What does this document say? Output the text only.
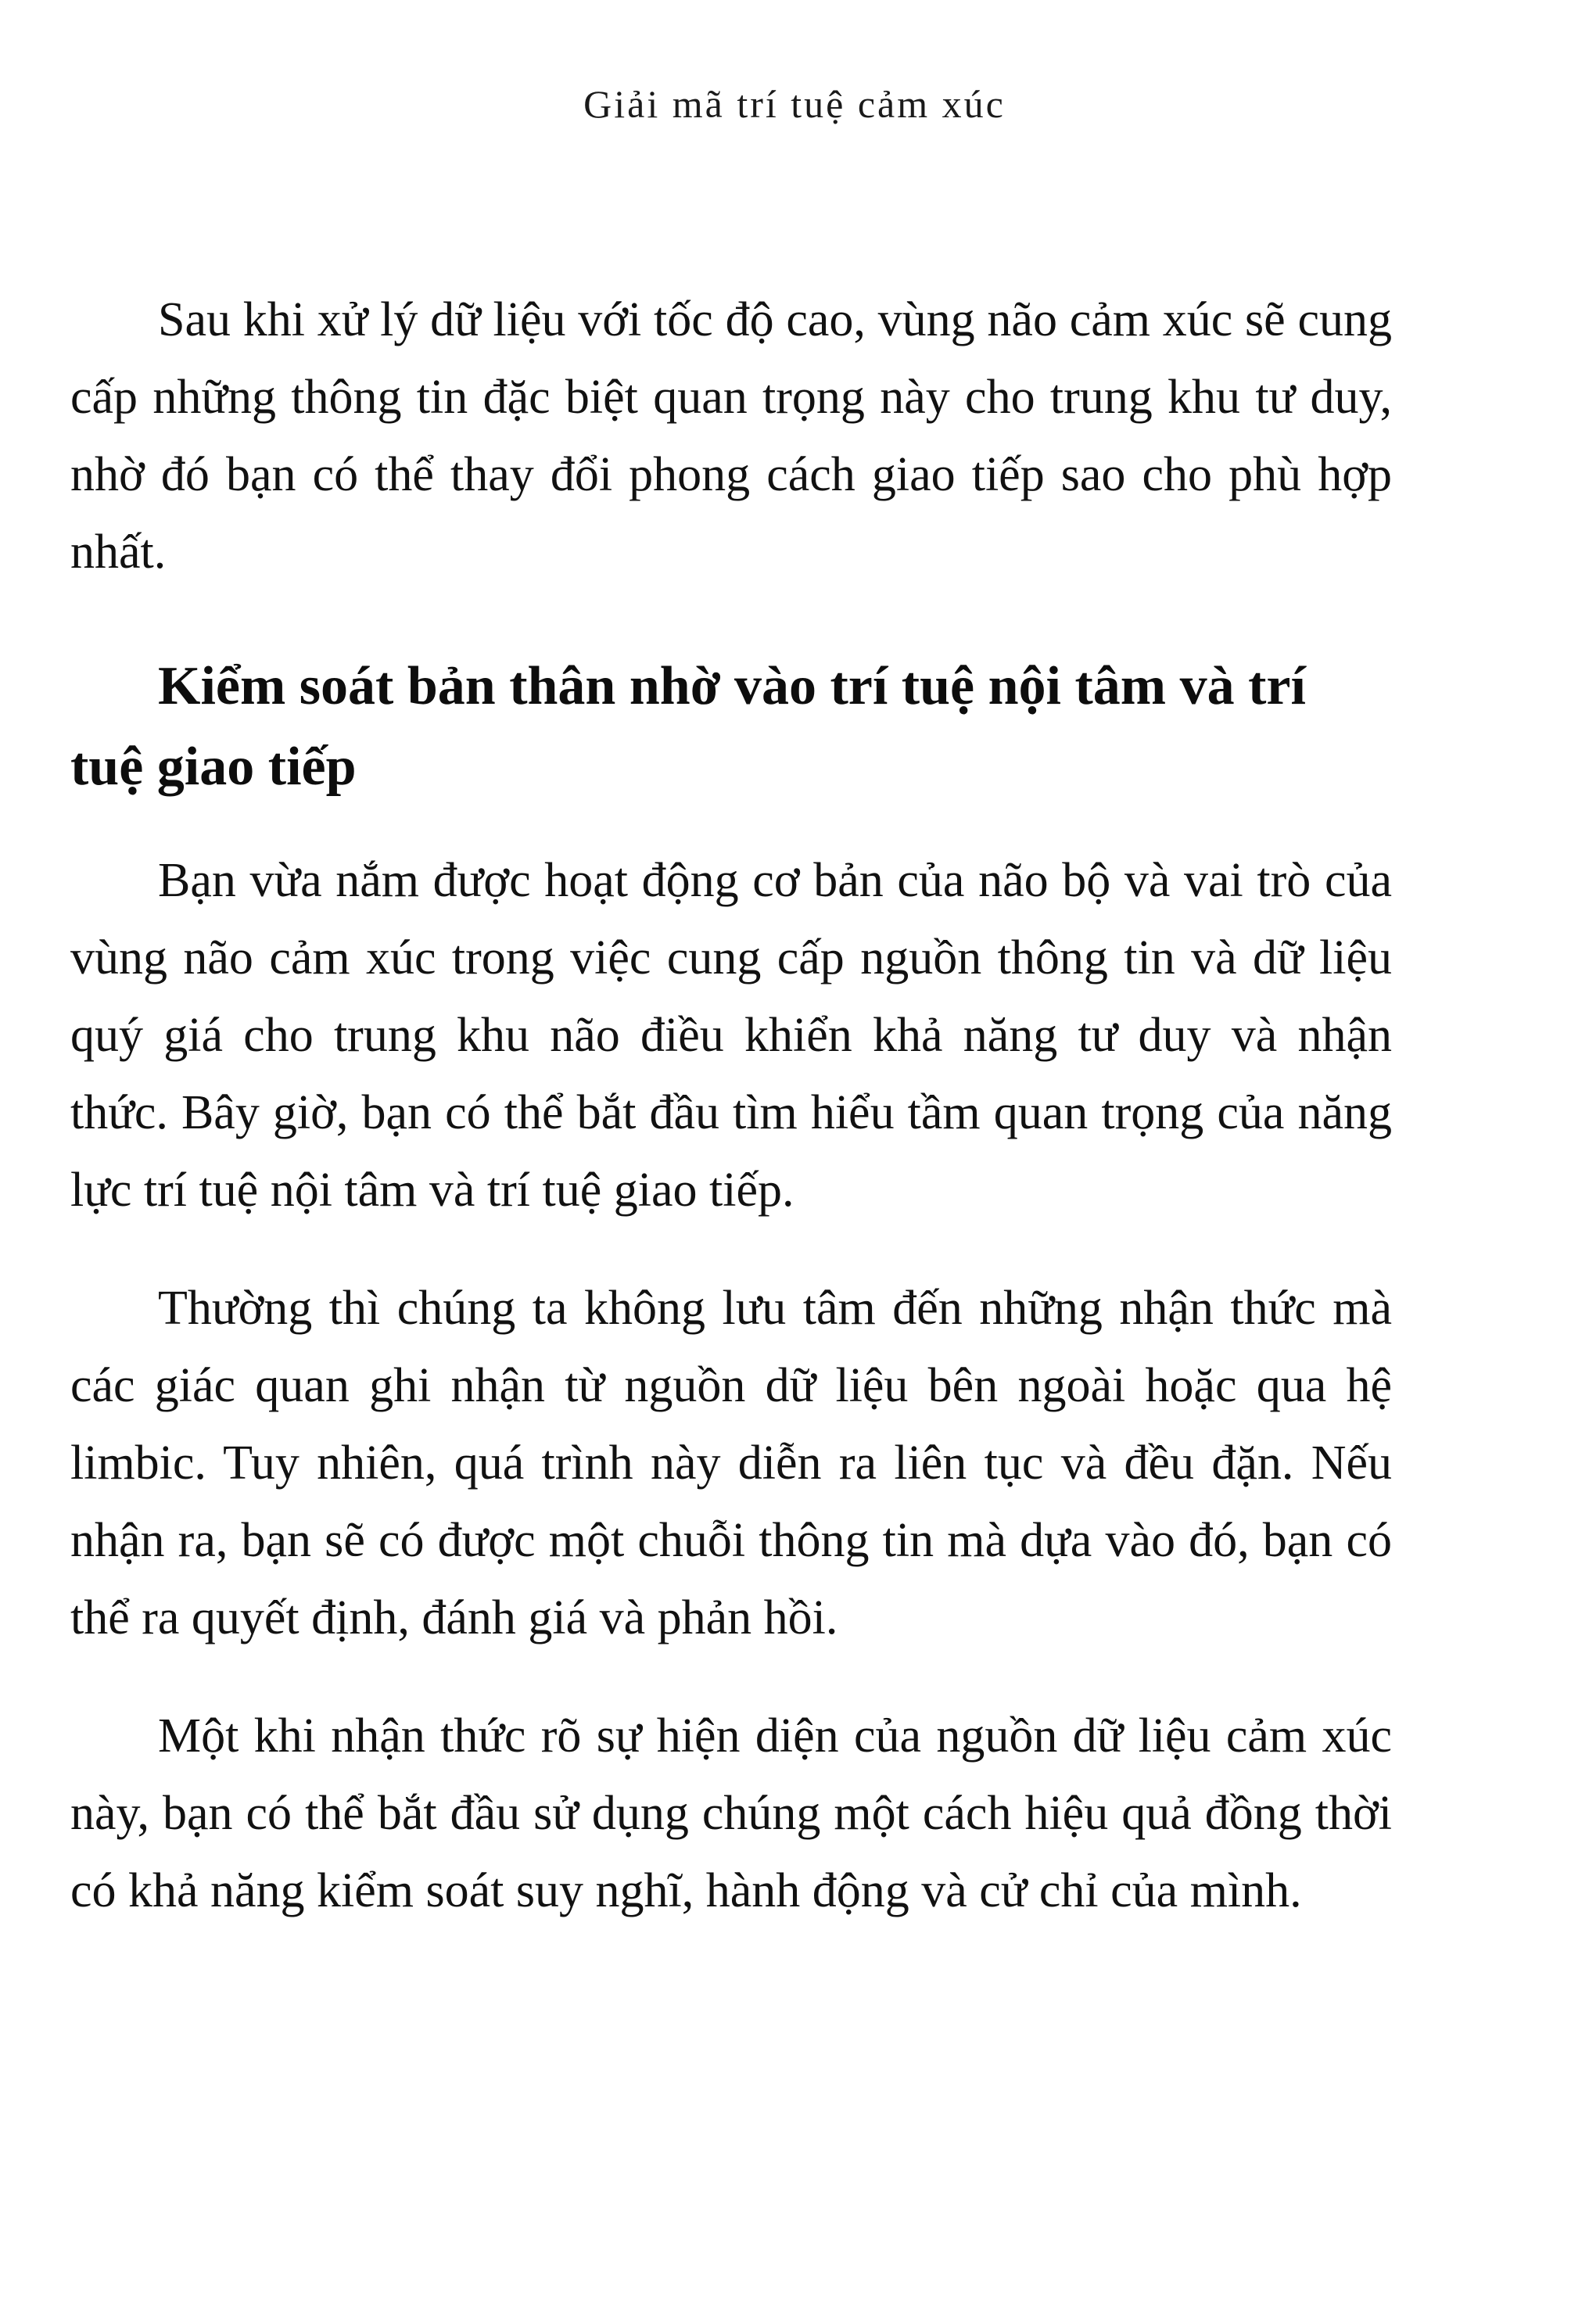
Giải mã trí tuệ cảm xúc

Sau khi xử lý dữ liệu với tốc độ cao, vùng não cảm xúc sẽ cung cấp những thông tin đặc biệt quan trọng này cho trung khu tư duy, nhờ đó bạn có thể thay đổi phong cách giao tiếp sao cho phù hợp nhất.

Kiểm soát bản thân nhờ vào trí tuệ nội tâm và trí tuệ giao tiếp

Bạn vừa nắm được hoạt động cơ bản của não bộ và vai trò của vùng não cảm xúc trong việc cung cấp nguồn thông tin và dữ liệu quý giá cho trung khu não điều khiển khả năng tư duy và nhận thức. Bây giờ, bạn có thể bắt đầu tìm hiểu tầm quan trọng của năng lực trí tuệ nội tâm và trí tuệ giao tiếp.

Thường thì chúng ta không lưu tâm đến những nhận thức mà các giác quan ghi nhận từ nguồn dữ liệu bên ngoài hoặc qua hệ limbic. Tuy nhiên, quá trình này diễn ra liên tục và đều đặn. Nếu nhận ra, bạn sẽ có được một chuỗi thông tin mà dựa vào đó, bạn có thể ra quyết định, đánh giá và phản hồi.

Một khi nhận thức rõ sự hiện diện của nguồn dữ liệu cảm xúc này, bạn có thể bắt đầu sử dụng chúng một cách hiệu quả đồng thời có khả năng kiểm soát suy nghĩ, hành động và cử chỉ của mình.
